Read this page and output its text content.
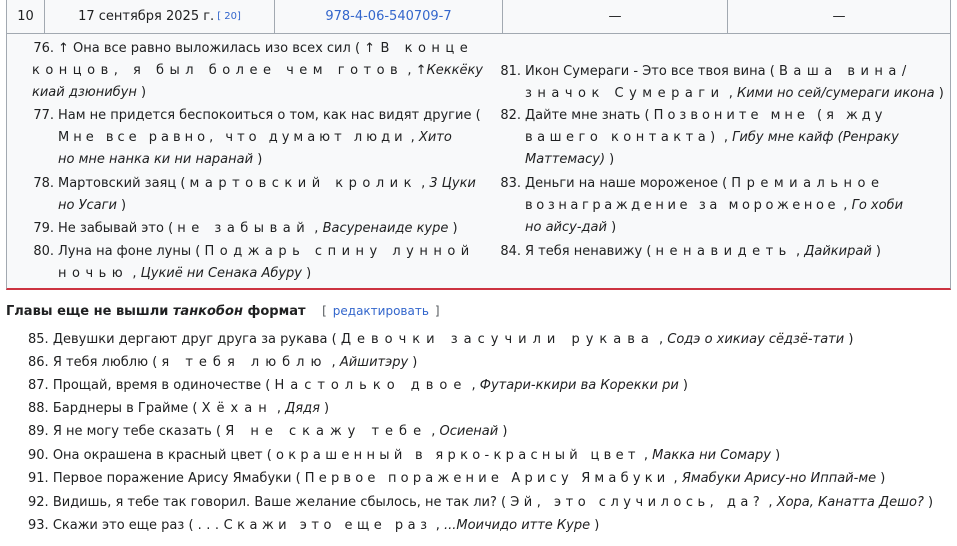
10	17 сентября 2025 г. [ 20]	978-4-06-540709-7	—	—
76. ↑ Она все равно выложилась изо всех сил ( ↑В конце
концов, я был более чем готов , ↑Кеккёку
киай дзюнибун )
77. Нам не придется беспокоиться о том, как нас видят другие (
Мне все равно, что думают люди , Хито
но мне нанка ки ни наранай )
78. Мартовский заяц ( мартовский кролик , 3 Цуки
но Усаги )
79. Не забывай это ( не забывай , Васуренаиде куре )
80. Луна на фоне луны ( Поджарь спину лунной
ночью , Цукиё ни Сенака Абуру )
81. Икон Сумераги - Это все твоя вина ( Ваша вина/
значок Сумераги , Кими но сей/сумераги икона )
82. Дайте мне знать ( Позвоните мне (я жду
вашего контакта) , Гибу мне кайф (Ренраку
Маттемасу) )
83. Деньги на наше мороженое ( Премиальное
вознаграждение за мороженое , Го хоби
но айсу-дай )
84. Я тебя ненавижу ( ненавидеть , Дайкирай )
Главы еще не вышли танкобон формат [ редактировать ]
85. Девушки дергают друг друга за рукава ( Девочки засучили рукава , Содэ о хикиау сёдзё-тати )
86. Я тебя люблю ( я тебя люблю , Айшитэру )
87. Прощай, время в одиночестве ( Настолько двое , Футари-ккири ва Корекки ри )
88. Барднеры в Грайме ( Хёхан , Дядя )
89. Я не могу тебе сказать ( Я не скажу тебе , Осиенай )
90. Она окрашена в красный цвет ( окрашенный в ярко-красный цвет , Макка ни Сомару )
91. Первое поражение Арису Ямабуки ( Первое поражение Арису Ямабуки , Ямабуки Арису-но Иппай-ме )
92. Видишь, я тебе так говорил. Ваше желание сбылось, не так ли? ( Эй, это случилось, да? , Хора, Канатта Дешо? )
93. Скажи это еще раз ( ...Скажи это еще раз , ...Моичидо итте Куре )
